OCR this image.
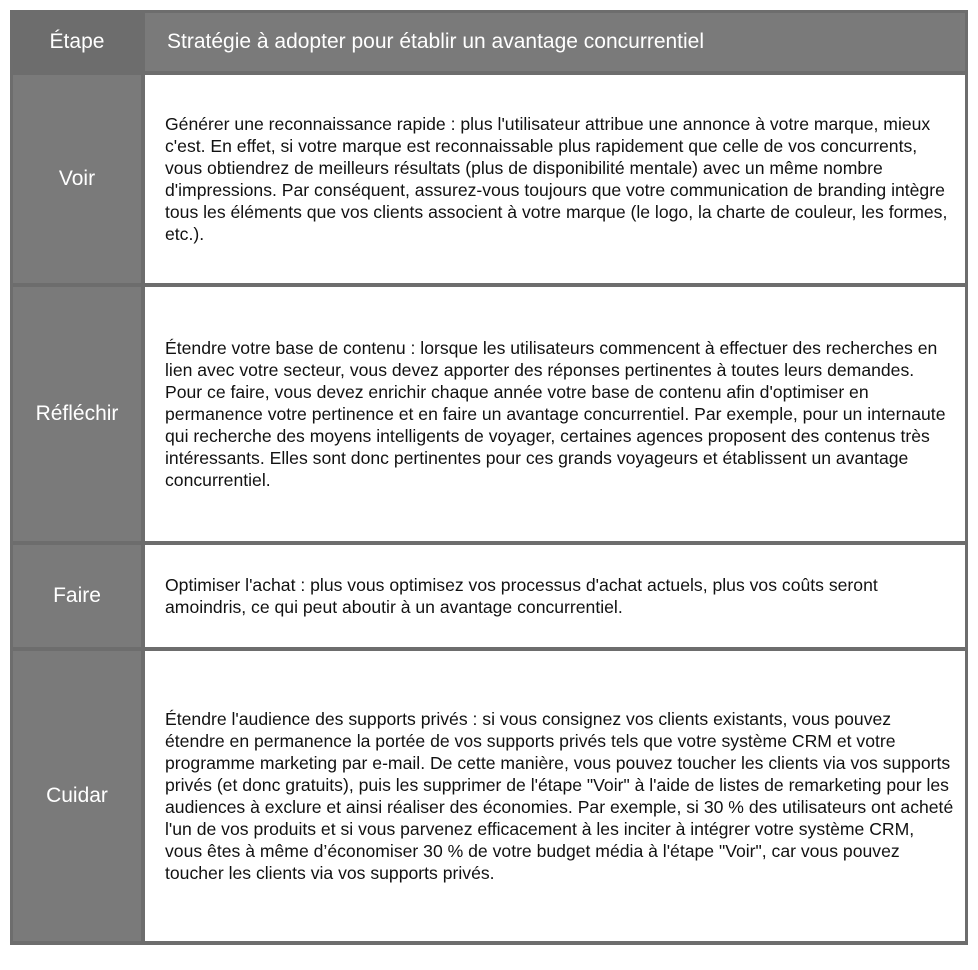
Étape	Stratégie à adopter pour établir un avantage concurrentiel
Voir

Générer une reconnaissance rapide : plus l'utilisateur attribue une annonce à votre marque, mieux c'est. En effet, si votre marque est reconnaissable plus rapidement que celle de vos concurrents, vous obtiendrez de meilleurs résultats (plus de disponibilité mentale) avec un même nombre d'impressions. Par conséquent, assurez-vous toujours que votre communication de branding intègre tous les éléments que vos clients associent à votre marque (le logo, la charte de couleur, les formes, etc.).

Réfléchir

Étendre votre base de contenu : lorsque les utilisateurs commencent à effectuer des recherches en lien avec votre secteur, vous devez apporter des réponses pertinentes à toutes leurs demandes. Pour ce faire, vous devez enrichir chaque année votre base de contenu afin d'optimiser en permanence votre pertinence et en faire un avantage concurrentiel. Par exemple, pour un internaute qui recherche des moyens intelligents de voyager, certaines agences proposent des contenus très intéressants. Elles sont donc pertinentes pour ces grands voyageurs et établissent un avantage concurrentiel.

Faire	Optimiser l'achat : plus vous optimisez vos processus d'achat actuels, plus vos coûts seront amoindris, ce qui peut aboutir à un avantage concurrentiel.

Cuidar

Étendre l'audience des supports privés : si vous consignez vos clients existants, vous pouvez étendre en permanence la portée de vos supports privés tels que votre système CRM et votre programme marketing par e-mail. De cette manière, vous pouvez toucher les clients via vos supports privés (et donc gratuits), puis les supprimer de l'étape "Voir" à l'aide de listes de remarketing pour les audiences à exclure et ainsi réaliser des économies. Par exemple, si 30 % des utilisateurs ont acheté l'un de vos produits et si vous parvenez efficacement à les inciter à intégrer votre système CRM, vous êtes à même d’économiser 30 % de votre budget média à l'étape "Voir", car vous pouvez toucher les clients via vos supports privés.
